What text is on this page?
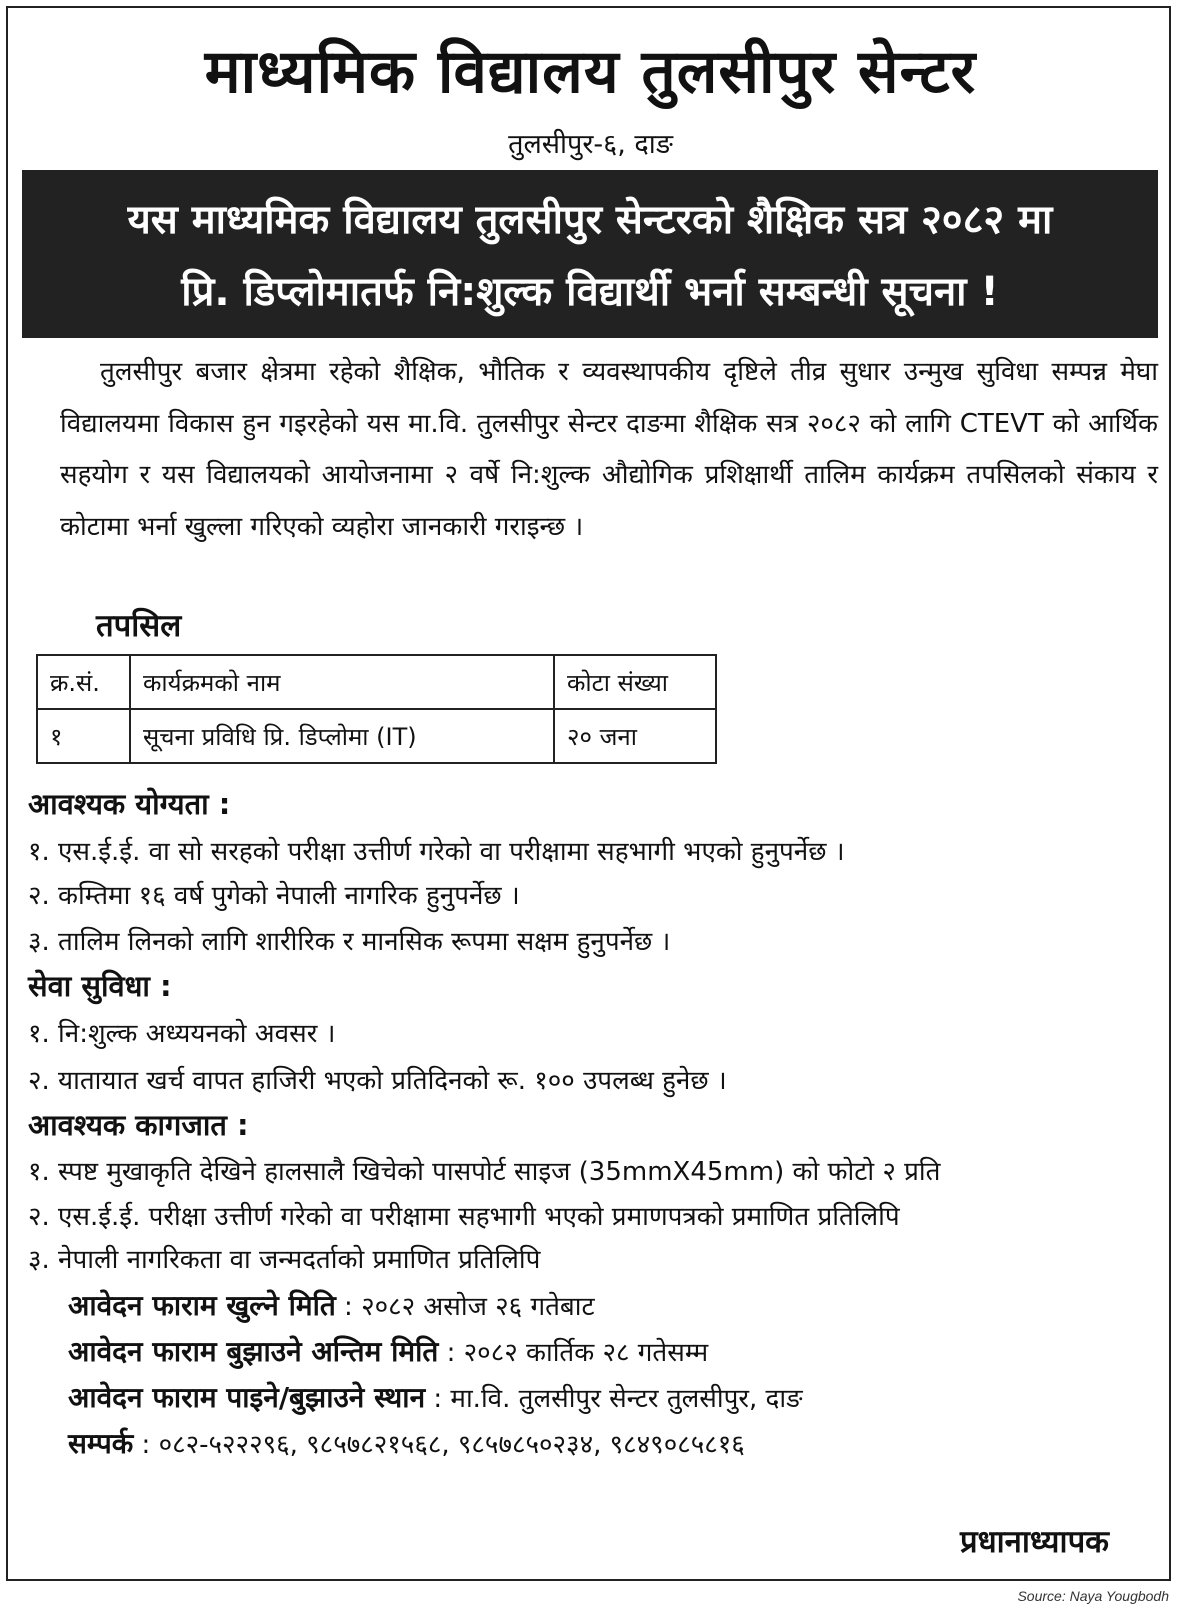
माध्यमिक विद्यालय तुलसीपुर सेन्टर
तुलसीपुर-६, दाङ
यस माध्यमिक विद्यालय तुलसीपुर सेन्टरको शैक्षिक सत्र २०८२ मा
प्रि. डिप्लोमातर्फ नि:शुल्क विद्यार्थी भर्ना सम्बन्धी सूचना !
तुलसीपुर बजार क्षेत्रमा रहेको शैक्षिक, भौतिक र व्यवस्थापकीय दृष्टिले तीव्र सुधार उन्मुख सुविधा सम्पन्न मेघा विद्यालयमा विकास हुन गइरहेको यस मा.वि. तुलसीपुर सेन्टर दाङमा शैक्षिक सत्र २०८२ को लागि CTEVT को आर्थिक सहयोग र यस विद्यालयको आयोजनामा २ वर्षे नि:शुल्क औद्योगिक प्रशिक्षार्थी तालिम कार्यक्रम तपसिलको संकाय र कोटामा भर्ना खुल्ला गरिएको व्यहोरा जानकारी गराइन्छ ।
तपसिल
क्र.सं.	कार्यक्रमको नाम	कोटा संख्या
१	सूचना प्रविधि प्रि. डिप्लोमा (IT)	२० जना
आवश्यक योग्यता :
१. एस.ई.ई. वा सो सरहको परीक्षा उत्तीर्ण गरेको वा परीक्षामा सहभागी भएको हुनुपर्नेछ ।
२. कम्तिमा १६ वर्ष पुगेको नेपाली नागरिक हुनुपर्नेछ ।
३. तालिम लिनको लागि शारीरिक र मानसिक रूपमा सक्षम हुनुपर्नेछ ।
सेवा सुविधा :
१. नि:शुल्क अध्ययनको अवसर ।
२. यातायात खर्च वापत हाजिरी भएको प्रतिदिनको रू. १०० उपलब्ध हुनेछ ।
आवश्यक कागजात :
१. स्पष्ट मुखाकृति देखिने हालसालै खिचेको पासपोर्ट साइज (35mmX45mm) को फोटो २ प्रति
२. एस.ई.ई. परीक्षा उत्तीर्ण गरेको वा परीक्षामा सहभागी भएको प्रमाणपत्रको प्रमाणित प्रतिलिपि
३. नेपाली नागरिकता वा जन्मदर्ताको प्रमाणित प्रतिलिपि
आवेदन फाराम खुल्ने मिति : २०८२ असोज २६ गतेबाट
आवेदन फाराम बुझाउने अन्तिम मिति : २०८२ कार्तिक २८ गतेसम्म
आवेदन फाराम पाइने/बुझाउने स्थान : मा.वि. तुलसीपुर सेन्टर तुलसीपुर, दाङ
सम्पर्क : ०८२-५२२२९६, ९८५७८२१५६८, ९८५७८५०२३४, ९८४९०८५८१६
प्रधानाध्यापक
Source: Naya Yougbodh
